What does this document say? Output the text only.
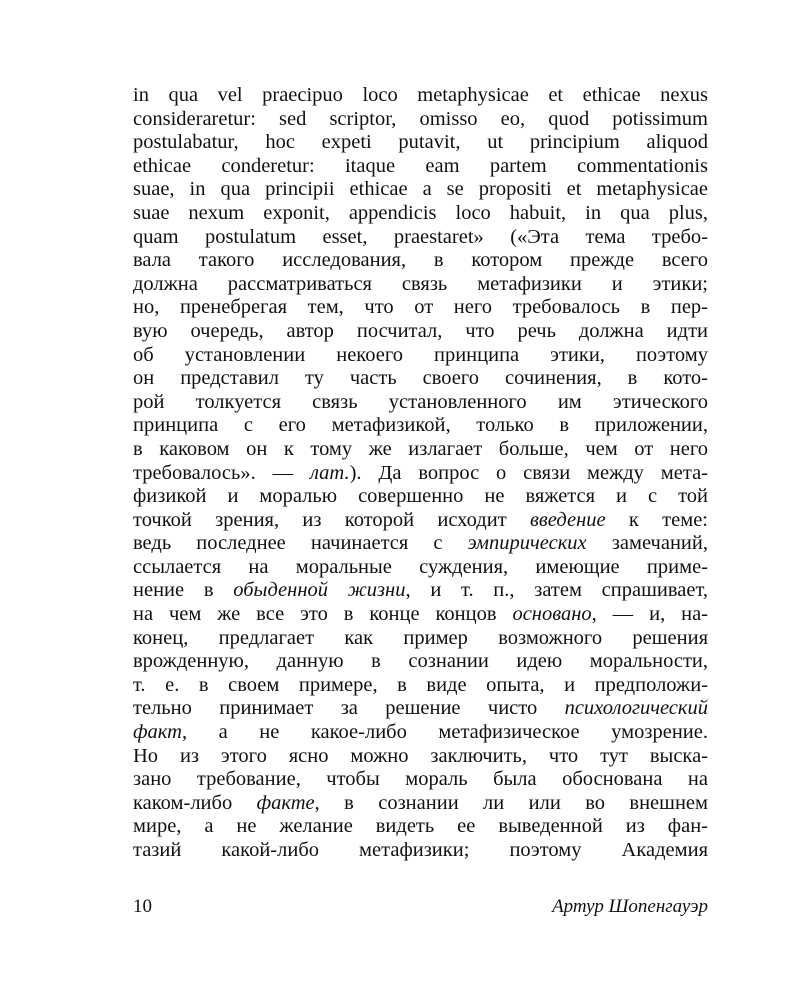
in qua vel praecipuo loco metaphysicae et ethicae nexus
consideraretur: sed scriptor, omisso eo, quod potissimum
postulabatur, hoc expeti putavit, ut principium aliquod
ethicae conderetur: itaque eam partem commentationis
suae, in qua principii ethicae a se propositi et metaphysicae
suae nexum exponit, appendicis loco habuit, in qua plus,
quam postulatum esset, praestaret» («Эта тема требо-
вала такого исследования, в котором прежде всего
должна рассматриваться связь метафизики и этики;
но, пренебрегая тем, что от него требовалось в пер-
вую очередь, автор посчитал, что речь должна идти
об установлении некоего принципа этики, поэтому
он представил ту часть своего сочинения, в кото-
рой толкуется связь установленного им этического
принципа с его метафизикой, только в приложении,
в каковом он к тому же излагает больше, чем от него
требовалось». — лат.). Да вопрос о связи между мета-
физикой и моралью совершенно не вяжется и с той
точкой зрения, из которой исходит введение к теме:
ведь последнее начинается с эмпирических замечаний,
ссылается на моральные суждения, имеющие приме-
нение в обыденной жизни, и т. п., затем спрашивает,
на чем же все это в конце концов основано, — и, на-
конец, предлагает как пример возможного решения
врожденную, данную в сознании идею моральности,
т. е. в своем примере, в виде опыта, и предположи-
тельно принимает за решение чисто психологический
факт, а не какое-либо метафизическое умозрение.
Но из этого ясно можно заключить, что тут выска-
зано требование, чтобы мораль была обоснована на
каком-либо факте, в сознании ли или во внешнем
мире, а не желание видеть ее выведенной из фан-
тазий какой-либо метафизики; поэтому Академия
10	Артур Шопенгауэр
